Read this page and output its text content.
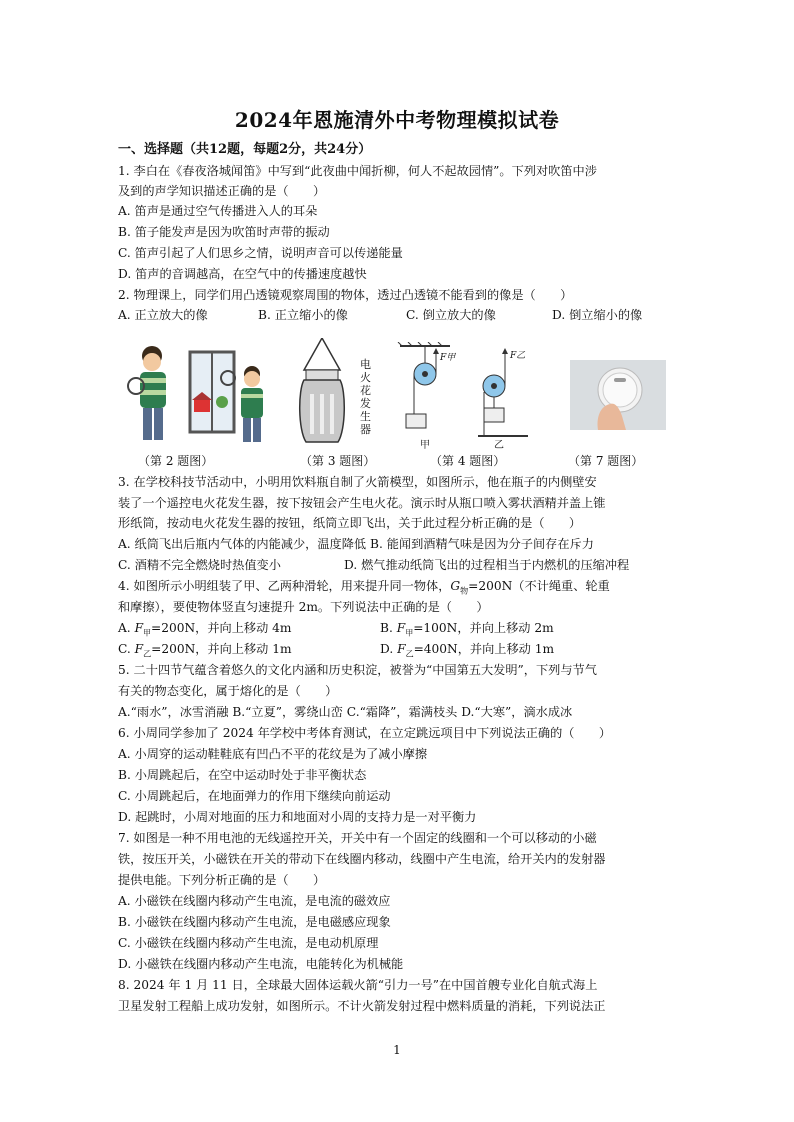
2024年恩施清外中考物理模拟试卷
一、选择题（共12题，每题2分，共24分）
1. 李白在《春夜洛城闻笛》中写到“此夜曲中闻折柳，何人不起故园情”。下列对吹笛中涉
及到的声学知识描述正确的是（　　）
A. 笛声是通过空气传播进入人的耳朵
B. 笛子能发声是因为吹笛时声带的振动
C. 笛声引起了人们思乡之情，说明声音可以传递能量
D. 笛声的音调越高，在空气中的传播速度越快
2. 物理课上，同学们用凸透镜观察周围的物体，透过凸透镜不能看到的像是（　　）
A. 正立放大的像	B. 正立缩小的像	C. 倒立放大的像	D. 倒立缩小的像
电火花发生器
F甲	F乙
甲	乙
（第 2 题图）	（第 3 题图）	（第 4 题图）	（第 7 题图）
3. 在学校科技节活动中，小明用饮料瓶自制了火箭模型，如图所示，他在瓶子的内侧壁安
装了一个遥控电火花发生器，按下按钮会产生电火花。演示时从瓶口喷入雾状酒精并盖上锥
形纸筒，按动电火花发生器的按钮，纸筒立即飞出，关于此过程分析正确的是（　　）
A. 纸筒飞出后瓶内气体的内能减少，温度降低 B. 能闻到酒精气味是因为分子间存在斥力
C. 酒精不完全燃烧时热值变小	D. 燃气推动纸筒飞出的过程相当于内燃机的压缩冲程
4. 如图所示小明组装了甲、乙两种滑轮，用来提升同一物体，$G_物=200N$（不计绳重、轮重
和摩擦），要使物体竖直匀速提升 2m。下列说法中正确的是（　　）
A. $F_甲=200N$，并向上移动 4m	B. $F_甲=100N$，并向上移动 2m
C. $F_乙=200N$，并向上移动 1m	D. $F_乙=400N$，并向上移动 1m
5. 二十四节气蕴含着悠久的文化内涵和历史积淀，被誉为“中国第五大发明”，下列与节气
有关的物态变化，属于熔化的是（　　）
A.“雨水”，冰雪消融 B.“立夏”，雾绕山峦 C.“霜降”，霜满枝头 D.“大寒”，滴水成冰
6. 小周同学参加了 2024 年学校中考体育测试，在立定跳远项目中下列说法正确的（　　）
A. 小周穿的运动鞋鞋底有凹凸不平的花纹是为了减小摩擦
B. 小周跳起后，在空中运动时处于非平衡状态
C. 小周跳起后，在地面弹力的作用下继续向前运动
D. 起跳时，小周对地面的压力和地面对小周的支持力是一对平衡力
7. 如图是一种不用电池的无线遥控开关，开关中有一个固定的线圈和一个可以移动的小磁
铁，按压开关，小磁铁在开关的带动下在线圈内移动，线圈中产生电流，给开关内的发射器
提供电能。下列分析正确的是（　　）
A. 小磁铁在线圈内移动产生电流，是电流的磁效应
B. 小磁铁在线圈内移动产生电流，是电磁感应现象
C. 小磁铁在线圈内移动产生电流，是电动机原理
D. 小磁铁在线圈内移动产生电流，电能转化为机械能
8. 2024 年 1 月 11 日，全球最大固体运载火箭“引力一号”在中国首艘专业化自航式海上
卫星发射工程船上成功发射，如图所示。不计火箭发射过程中燃料质量的消耗，下列说法正
1
